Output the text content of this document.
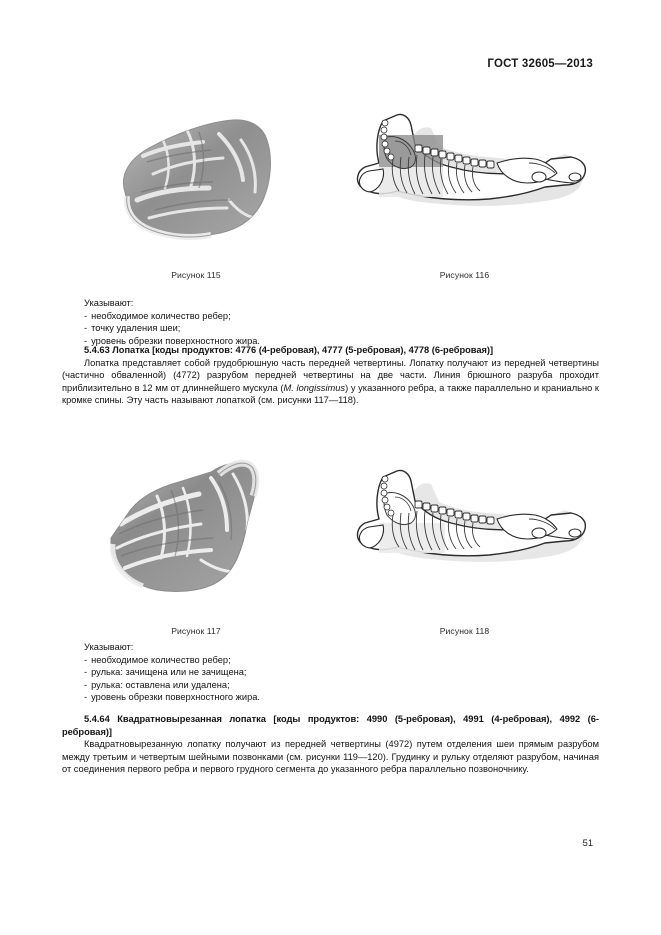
ГОСТ 32605—2013
Рисунок 115	Рисунок 116

Указывают:

- необходимое количество ребер;
- точку удаления шеи;
- уровень обрезки поверхностного жира.

5.4.63 Лопатка [коды продуктов: 4776 (4-ребровая), 4777 (5-ребровая), 4778 (6-ребровая)]

Лопатка представляет собой грудобрюшную часть передней четвертины. Лопатку получают из передней четвертины (частично обваленной) (4772) разрубом передней четвертины на две части. Линия брюшного разруба проходит приблизительно в 12 мм от длиннейшего мускула (M. longissimus) у указанного ребра, а также параллельно и краниально к кромке спины. Эту часть называют лопаткой (см. рисунки 117—118).

Рисунок 117	Рисунок 118

Указывают:

- необходимое количество ребер;
- рулька: зачищена или не зачищена;
- рулька: оставлена или удалена;
- уровень обрезки поверхностного жира.

5.4.64 Квадратновырезанная лопатка [коды продуктов: 4990 (5-ребровая), 4991 (4-ребровая), 4992 (6-ребровая)]

Квадратновырезанную лопатку получают из передней четвертины (4972) путем отделения шеи прямым разрубом между третьим и четвертым шейными позвонками (см. рисунки 119—120). Грудинку и рульку отделяют разрубом, начиная от соединения первого ребра и первого грудного сегмента до указанного ребра параллельно позвоночнику.

51
